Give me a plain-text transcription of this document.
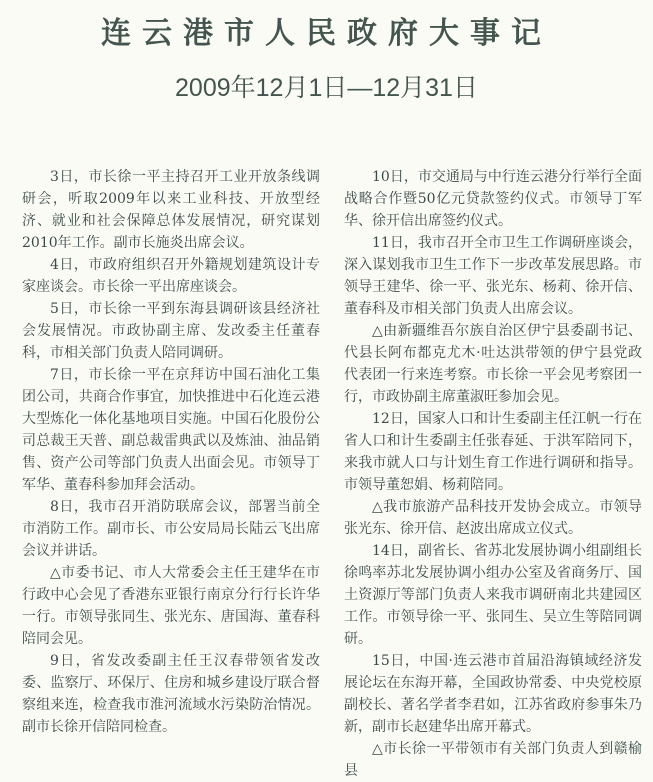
连云港市人民政府大事记
2009年12月1日—12月31日

3日，市长徐一平主持召开工业开放条线调研会，听取2009年以来工业科技、开放型经济、就业和社会保障总体发展情况，研究谋划2010年工作。副市长施炎出席会议。

4日，市政府组织召开外籍规划建筑设计专家座谈会。市长徐一平出席座谈会。

5日，市长徐一平到东海县调研该县经济社会发展情况。市政协副主席、发改委主任董春科，市相关部门负责人陪同调研。

7日，市长徐一平在京拜访中国石油化工集团公司，共商合作事宜，加快推进中石化连云港大型炼化一体化基地项目实施。中国石化股份公司总裁王天普、副总裁雷典武以及炼油、油品销售、资产公司等部门负责人出面会见。市领导丁军华、董春科参加拜会活动。

8日，我市召开消防联席会议，部署当前全市消防工作。副市长、市公安局局长陆云飞出席会议并讲话。

△市委书记、市人大常委会主任王建华在市行政中心会见了香港东亚银行南京分行行长许华一行。市领导张同生、张光东、唐国海、董春科陪同会见。

9日，省发改委副主任王汉春带领省发改委、监察厅、环保厅、住房和城乡建设厅联合督察组来连，检查我市淮河流域水污染防治情况。副市长徐开信陪同检查。

10日，市交通局与中行连云港分行举行全面战略合作暨50亿元贷款签约仪式。市领导丁军华、徐开信出席签约仪式。

11日，我市召开全市卫生工作调研座谈会，深入谋划我市卫生工作下一步改革发展思路。市领导王建华、徐一平、张光东、杨莉、徐开信、董春科及市相关部门负责人出席会议。

△由新疆维吾尔族自治区伊宁县委副书记、代县长阿布都克尤木·吐达洪带领的伊宁县党政代表团一行来连考察。市长徐一平会见考察团一行，市政协副主席董淑旺参加会见。

12日，国家人口和计生委副主任江帆一行在省人口和计生委副主任张春延、于洪军陪同下，来我市就人口与计划生育工作进行调研和指导。市领导董恕娟、杨莉陪同。

△我市旅游产品科技开发协会成立。市领导张光东、徐开信、赵波出席成立仪式。

14日，副省长、省苏北发展协调小组副组长徐鸣率苏北发展协调小组办公室及省商务厅、国土资源厅等部门负责人来我市调研南北共建园区工作。市领导徐一平、张同生、吴立生等陪同调研。

15日，中国·连云港市首届沿海镇域经济发展论坛在东海开幕，全国政协常委、中央党校原副校长、著名学者李君如，江苏省政府参事朱乃新，副市长赵建华出席开幕式。

△市长徐一平带领市有关部门负责人到赣榆县
